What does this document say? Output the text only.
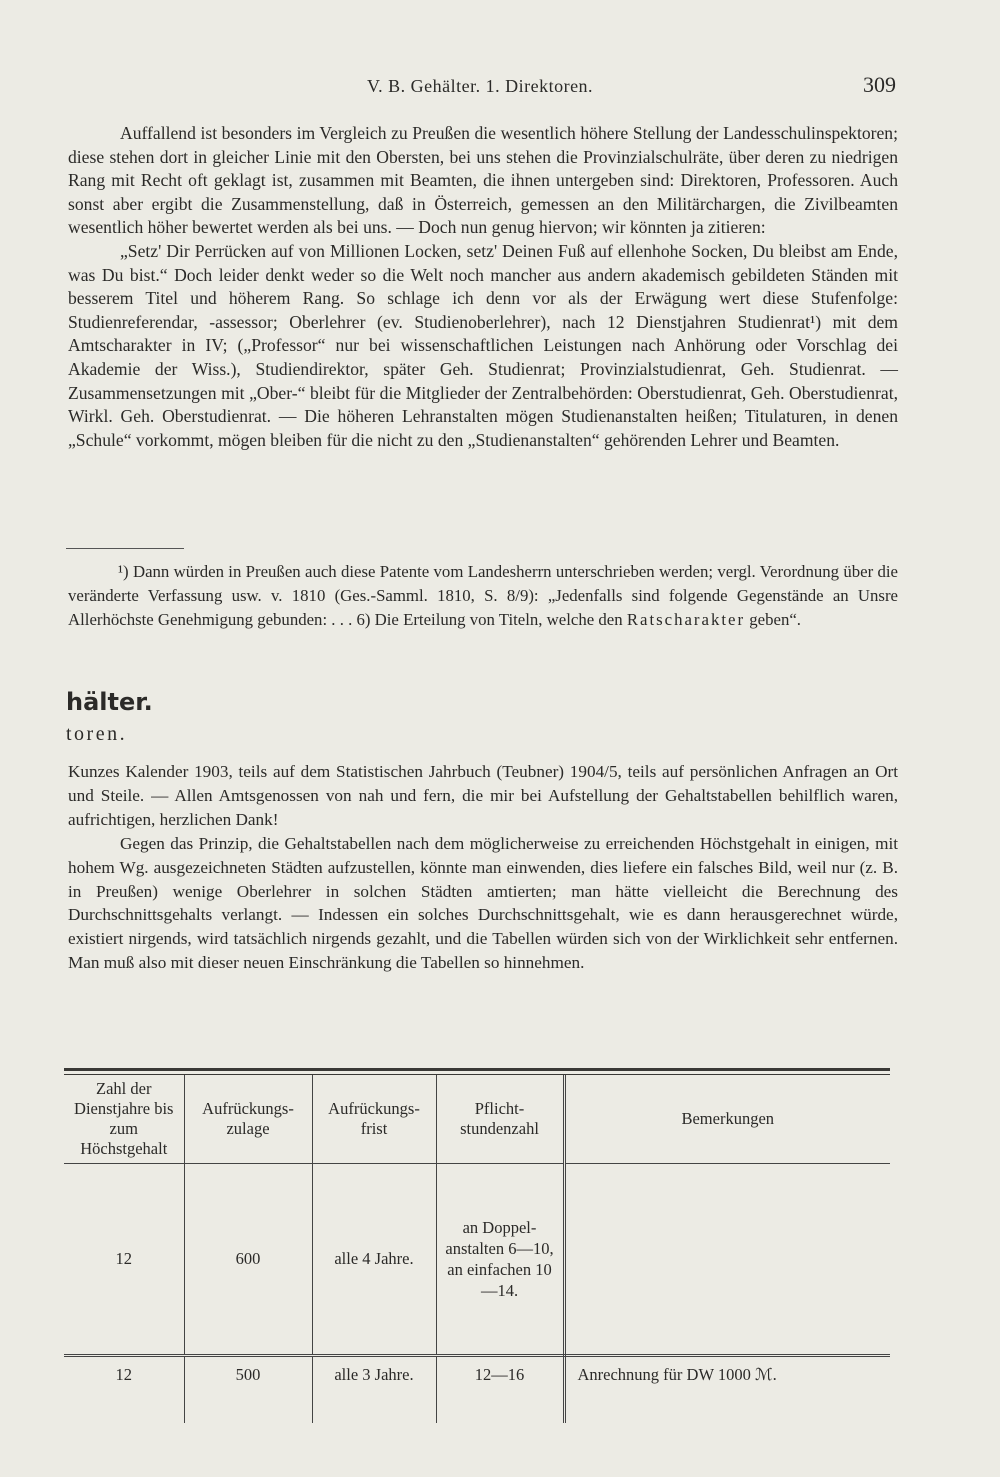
V. B. Gehälter. 1. Direktoren.	309

Auffallend ist besonders im Vergleich zu Preußen die wesentlich höhere Stellung der Landesschulinspektoren; diese stehen dort in gleicher Linie mit den Obersten, bei uns stehen die Provinzialschulräte, über deren zu niedrigen Rang mit Recht oft geklagt ist, zusammen mit Beamten, die ihnen untergeben sind: Direktoren, Professoren. Auch sonst aber ergibt die Zusammenstellung, daß in Österreich, gemessen an den Militärchargen, die Zivilbeamten wesentlich höher bewertet werden als bei uns. — Doch nun genug hiervon; wir könnten ja zitieren:

„Setz' Dir Perrücken auf von Millionen Locken, setz' Deinen Fuß auf ellenhohe Socken, Du bleibst am Ende, was Du bist.“ Doch leider denkt weder so die Welt noch mancher aus andern akademisch gebildeten Ständen mit besserem Titel und höherem Rang. So schlage ich denn vor als der Erwägung wert diese Stufenfolge: Studienreferendar, -assessor; Oberlehrer (ev. Studienoberlehrer), nach 12 Dienstjahren Studienrat¹) mit dem Amtscharakter in IV; („Professor“ nur bei wissenschaftlichen Leistungen nach Anhörung oder Vorschlag dei Akademie der Wiss.), Studiendirektor, später Geh. Studienrat; Provinzialstudienrat, Geh. Studienrat. — Zusammensetzungen mit „Ober-“ bleibt für die Mitglieder der Zentralbehörden: Oberstudienrat, Geh. Oberstudienrat, Wirkl. Geh. Oberstudienrat. — Die höheren Lehranstalten mögen Studienanstalten heißen; Titulaturen, in denen „Schule“ vorkommt, mögen bleiben für die nicht zu den „Studienanstalten“ gehörenden Lehrer und Beamten.

¹) Dann würden in Preußen auch diese Patente vom Landesherrn unterschrieben werden; vergl. Verordnung über die veränderte Verfassung usw. v. 1810 (Ges.-Samml. 1810, S. 8/9): „Jedenfalls sind folgende Gegenstände an Unsre Allerhöchste Genehmigung gebunden: . . . 6) Die Erteilung von Titeln, welche den Ratscharakter geben“.

hälter.
toren.

Kunzes Kalender 1903, teils auf dem Statistischen Jahrbuch (Teubner) 1904/5, teils auf persönlichen Anfragen an Ort und Steile. — Allen Amtsgenossen von nah und fern, die mir bei Aufstellung der Gehaltstabellen behilflich waren, aufrichtigen, herzlichen Dank!

Gegen das Prinzip, die Gehaltstabellen nach dem möglicherweise zu erreichenden Höchstgehalt in einigen, mit hohem Wg. ausgezeichneten Städten aufzustellen, könnte man einwenden, dies liefere ein falsches Bild, weil nur (z. B. in Preußen) wenige Oberlehrer in solchen Städten amtierten; man hätte vielleicht die Berechnung des Durchschnittsgehalts verlangt. — Indessen ein solches Durchschnittsgehalt, wie es dann herausgerechnet würde, existiert nirgends, wird tatsächlich nirgends gezahlt, und die Tabellen würden sich von der Wirklichkeit sehr entfernen. Man muß also mit dieser neuen Einschränkung die Tabellen so hinnehmen.

Zahl der Dienstjahre bis zum Höchstgehalt	Aufrückungs-zulage	Aufrückungs-frist	Pflicht-stundenzahl	Bemerkungen
12	600	alle 4 Jahre.	an Doppel-anstalten 6—10, an einfachen 10—14.	

12	500	alle 3 Jahre.	12—16	Anrechnung für DW 1000 ℳ.
